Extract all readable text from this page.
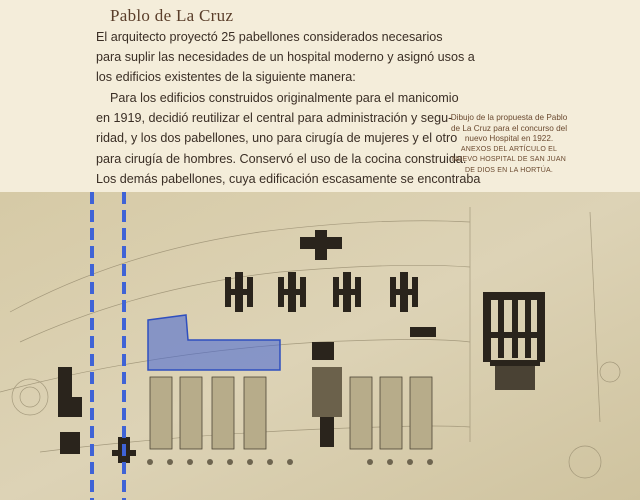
Pablo de La Cruz
El arquitecto proyectó 25 pabellones considerados necesarios
para suplir las necesidades de un hospital moderno y asignó usos a
los edificios existentes de la siguiente manera:
Para los edificios construidos originalmente para el manicomio
en 1919, decidió reutilizar el central para administración y segu-
ridad, y los dos pabellones, uno para cirugía de mujeres y el otro
para cirugía de hombres. Conservó el uso de la cocina construida.
Los demás pabellones, cuya edificación escasamente se encontraba
Dibujo de la propuesta de Pablo de La Cruz para el concurso del nuevo Hospital en 1922.
ANEXOS DEL ARTÍCULO EL NUEVO HOSPITAL DE SAN JUAN DE DIOS EN LA HORTÚA.
